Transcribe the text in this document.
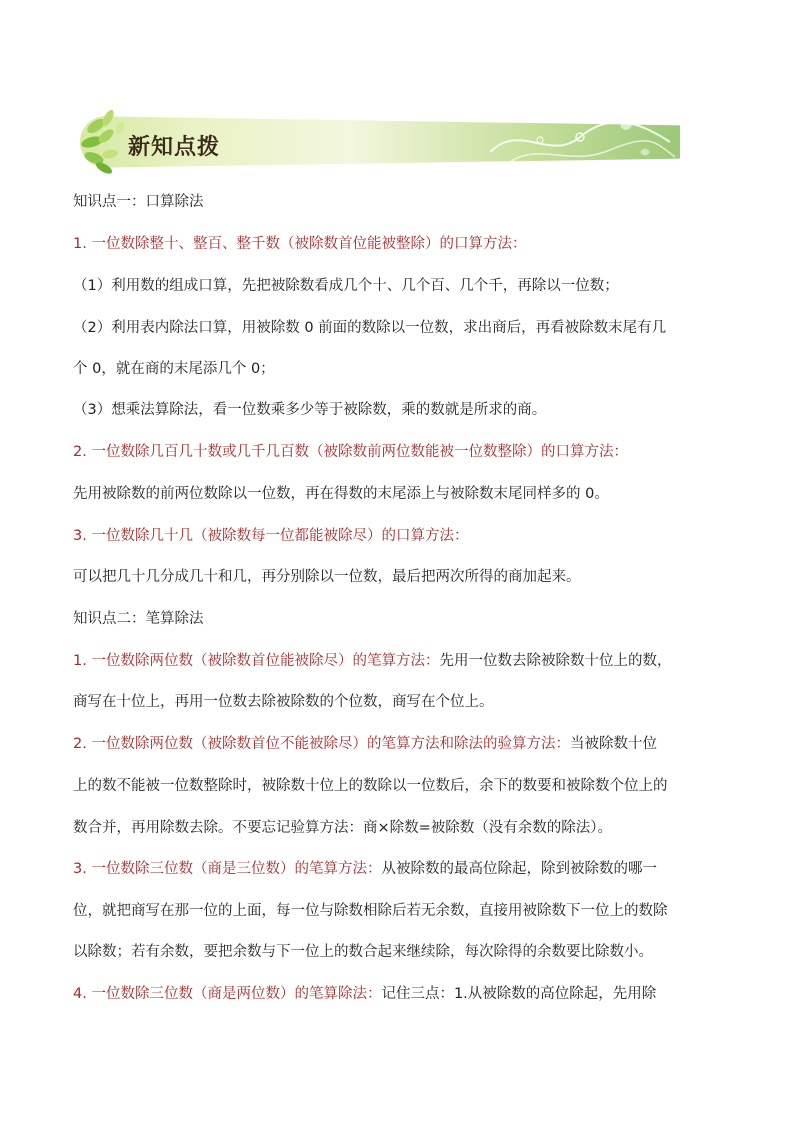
新知点拨
知识点一：口算除法
1. 一位数除整十、整百、整千数（被除数首位能被整除）的口算方法：
（1）利用数的组成口算，先把被除数看成几个十、几个百、几个千，再除以一位数；
（2）利用表内除法口算，用被除数 0 前面的数除以一位数，求出商后，再看被除数末尾有几
个 0，就在商的末尾添几个 0；
（3）想乘法算除法，看一位数乘多少等于被除数，乘的数就是所求的商。
2. 一位数除几百几十数或几千几百数（被除数前两位数能被一位数整除）的口算方法：
先用被除数的前两位数除以一位数，再在得数的末尾添上与被除数末尾同样多的 0。
3. 一位数除几十几（被除数每一位都能被除尽）的口算方法：
可以把几十几分成几十和几，再分别除以一位数，最后把两次所得的商加起来。
知识点二：笔算除法
1. 一位数除两位数（被除数首位能被除尽）的笔算方法：先用一位数去除被除数十位上的数，
商写在十位上，再用一位数去除被除数的个位数，商写在个位上。
2. 一位数除两位数（被除数首位不能被除尽）的笔算方法和除法的验算方法：当被除数十位
上的数不能被一位数整除时，被除数十位上的数除以一位数后，余下的数要和被除数个位上的
数合并，再用除数去除。不要忘记验算方法：商×除数=被除数（没有余数的除法）。
3. 一位数除三位数（商是三位数）的笔算方法：从被除数的最高位除起，除到被除数的哪一
位，就把商写在那一位的上面，每一位与除数相除后若无余数，直接用被除数下一位上的数除
以除数；若有余数，要把余数与下一位上的数合起来继续除，每次除得的余数要比除数小。
4. 一位数除三位数（商是两位数）的笔算除法：记住三点：1.从被除数的高位除起，先用除
